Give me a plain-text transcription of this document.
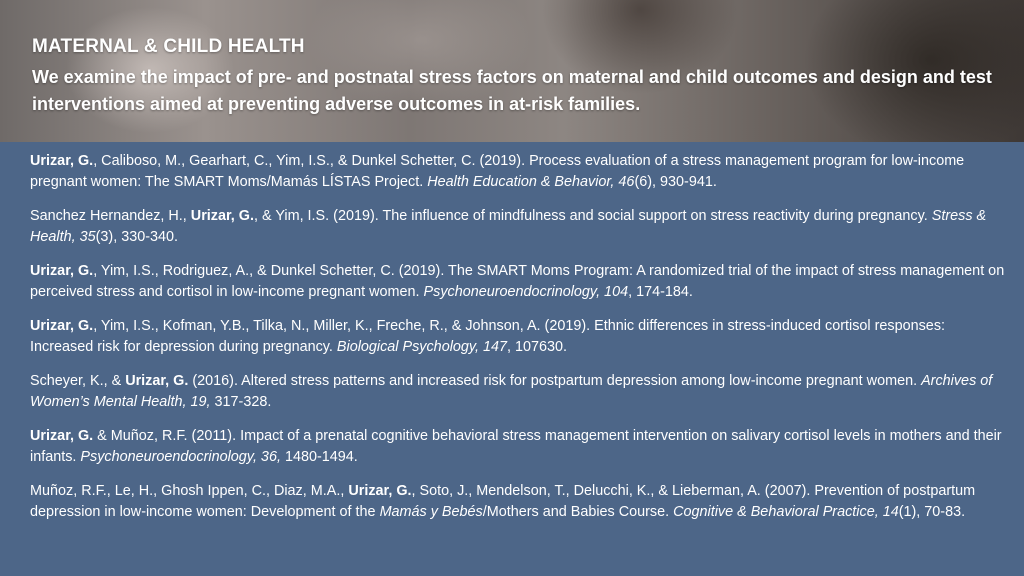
MATERNAL & CHILD HEALTH

We examine the impact of pre- and postnatal stress factors on maternal and child outcomes and design and test interventions aimed at preventing adverse outcomes in at-risk families.

Urizar, G., Caliboso, M., Gearhart, C., Yim, I.S., & Dunkel Schetter, C. (2019). Process evaluation of a stress management program for low-income pregnant women: The SMART Moms/Mamás LÍSTAS Project. Health Education & Behavior, 46(6), 930-941.

Sanchez Hernandez, H., Urizar, G., & Yim, I.S. (2019). The influence of mindfulness and social support on stress reactivity during pregnancy. Stress & Health, 35(3), 330-340.

Urizar, G., Yim, I.S., Rodriguez, A., & Dunkel Schetter, C. (2019). The SMART Moms Program: A randomized trial of the impact of stress management on perceived stress and cortisol in low-income pregnant women. Psychoneuroendocrinology, 104, 174-184.

Urizar, G., Yim, I.S., Kofman, Y.B., Tilka, N., Miller, K., Freche, R., & Johnson, A. (2019). Ethnic differences in stress-induced cortisol responses: Increased risk for depression during pregnancy. Biological Psychology, 147, 107630.

Scheyer, K., & Urizar, G. (2016). Altered stress patterns and increased risk for postpartum depression among low-income pregnant women. Archives of Women’s Mental Health, 19, 317-328.

Urizar, G. & Muñoz, R.F. (2011). Impact of a prenatal cognitive behavioral stress management intervention on salivary cortisol levels in mothers and their infants. Psychoneuroendocrinology, 36, 1480-1494.

Muñoz, R.F., Le, H., Ghosh Ippen, C., Diaz, M.A., Urizar, G., Soto, J., Mendelson, T., Delucchi, K., & Lieberman, A. (2007). Prevention of postpartum depression in low-income women: Development of the Mamás y Bebés/Mothers and Babies Course. Cognitive & Behavioral Practice, 14(1), 70-83.
